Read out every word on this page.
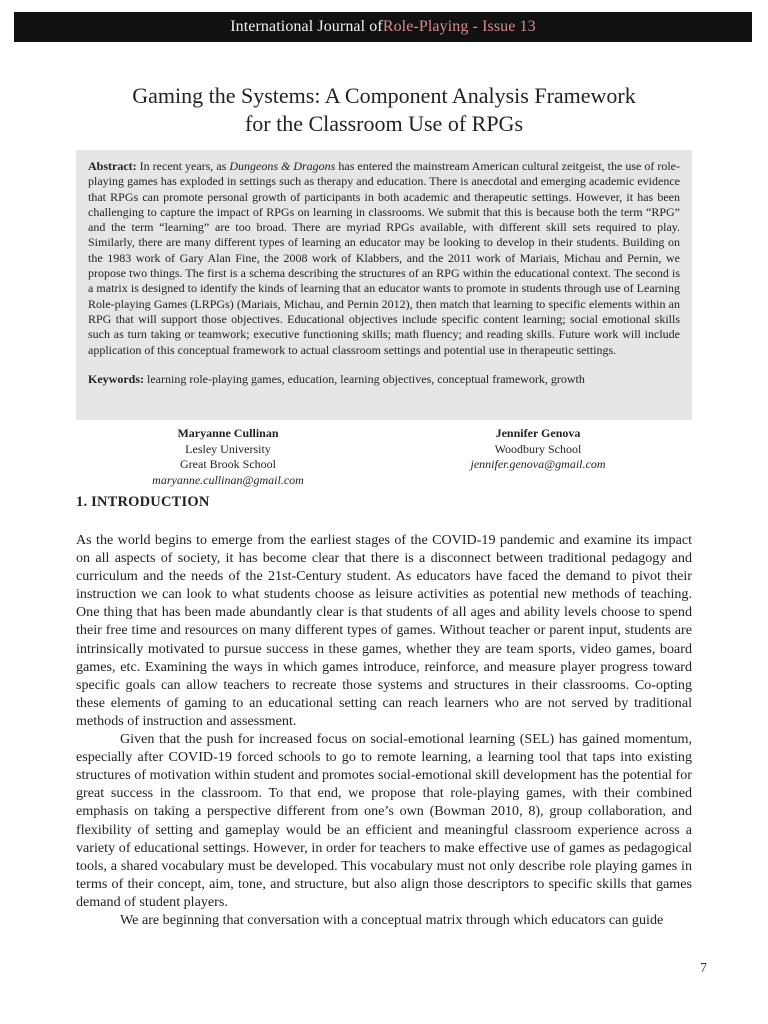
International Journal of Role-Playing - Issue 13
Gaming the Systems: A Component Analysis Framework
for the Classroom Use of RPGs
Abstract: In recent years, as Dungeons & Dragons has entered the mainstream American cultural zeitgeist, the use of role-playing games has exploded in settings such as therapy and education. There is anecdotal and emerging academic evidence that RPGs can promote personal growth of participants in both academic and therapeutic settings. However, it has been challenging to capture the impact of RPGs on learning in classrooms. We submit that this is because both the term “RPG” and the term “learning” are too broad. There are myriad RPGs available, with different skill sets required to play. Similarly, there are many different types of learning an educator may be looking to develop in their students. Building on the 1983 work of Gary Alan Fine, the 2008 work of Klabbers, and the 2011 work of Mariais, Michau and Pernin, we propose two things. The first is a schema describing the structures of an RPG within the educational context. The second is a matrix is designed to identify the kinds of learning that an educator wants to promote in students through use of Learning Role-playing Games (LRPGs) (Mariais, Michau, and Pernin 2012), then match that learning to specific elements within an RPG that will support those objectives. Educational objectives include specific content learning; social emotional skills such as turn taking or teamwork; executive functioning skills; math fluency; and reading skills. Future work will include application of this conceptual framework to actual classroom settings and potential use in therapeutic settings.
Keywords: learning role-playing games, education, learning objectives, conceptual framework, growth
Maryanne Cullinan
Lesley University
Great Brook School
maryanne.cullinan@gmail.com
Jennifer Genova
Woodbury School
jennifer.genova@gmail.com
1. INTRODUCTION

As the world begins to emerge from the earliest stages of the COVID-19 pandemic and examine its impact on all aspects of society, it has become clear that there is a disconnect between traditional pedagogy and curriculum and the needs of the 21st-Century student. As educators have faced the demand to pivot their instruction we can look to what students choose as leisure activities as potential new methods of teaching. One thing that has been made abundantly clear is that students of all ages and ability levels choose to spend their free time and resources on many different types of games. Without teacher or parent input, students are intrinsically motivated to pursue success in these games, whether they are team sports, video games, board games, etc. Examining the ways in which games introduce, reinforce, and measure player progress toward specific goals can allow teachers to recreate those systems and structures in their classrooms. Co-opting these elements of gaming to an educational setting can reach learners who are not served by traditional methods of instruction and assessment.

Given that the push for increased focus on social-emotional learning (SEL) has gained momentum, especially after COVID-19 forced schools to go to remote learning, a learning tool that taps into existing structures of motivation within student and promotes social-emotional skill development has the potential for great success in the classroom. To that end, we propose that role-playing games, with their combined emphasis on taking a perspective different from one’s own (Bowman 2010, 8), group collaboration, and flexibility of setting and gameplay would be an efficient and meaningful classroom experience across a variety of educational settings. However, in order for teachers to make effective use of games as pedagogical tools, a shared vocabulary must be developed. This vocabulary must not only describe role playing games in terms of their concept, aim, tone, and structure, but also align those descriptors to specific skills that games demand of student players.

We are beginning that conversation with a conceptual matrix through which educators can guide

7
